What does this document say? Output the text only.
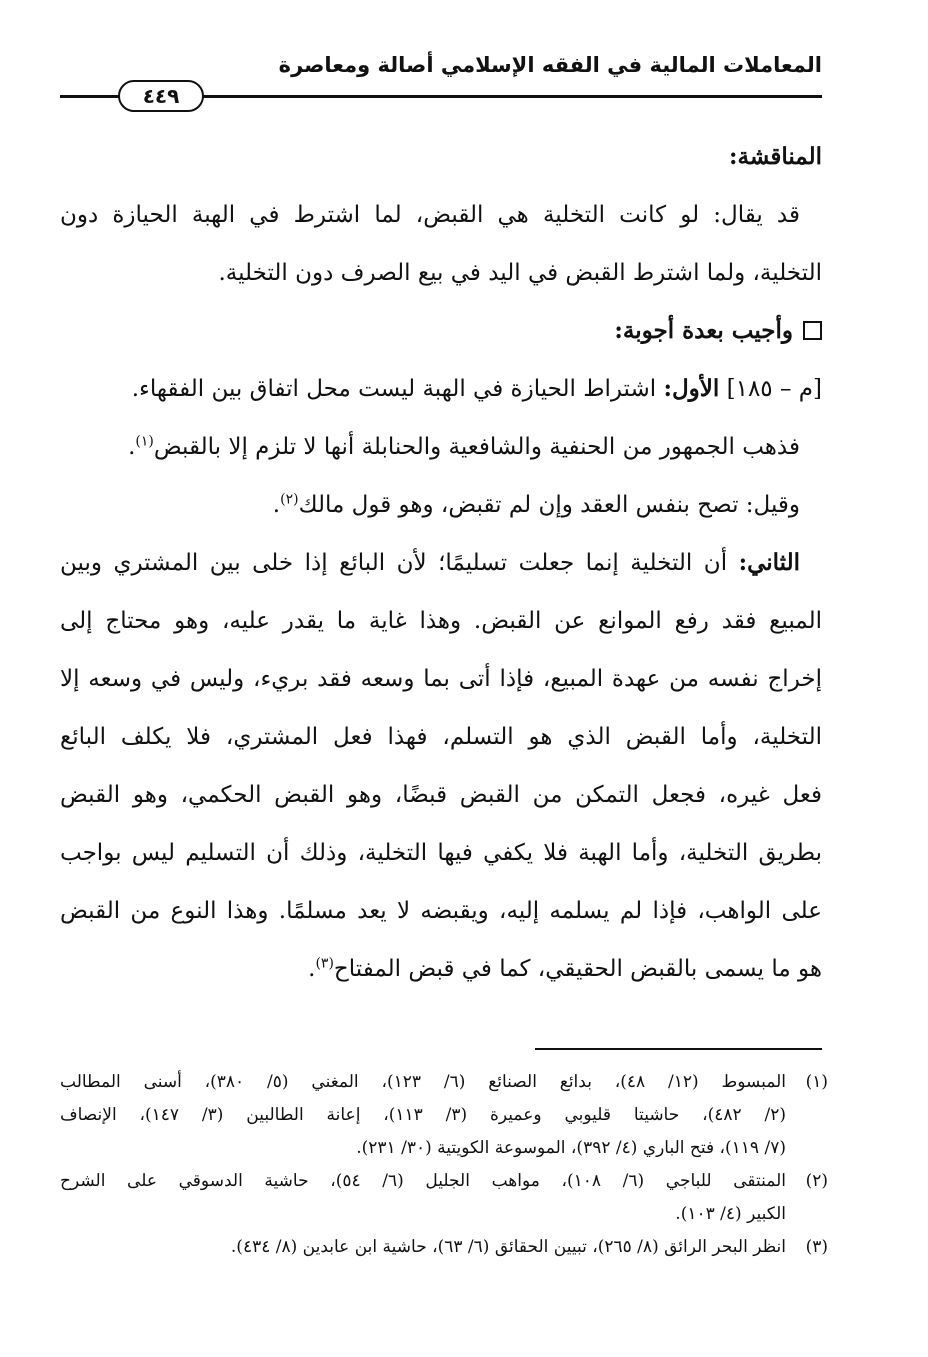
المعاملات المالية في الفقه الإسلامي أصالة ومعاصرة
٤٤٩
المناقشة:
قد يقال: لو كانت التخلية هي القبض، لما اشترط في الهبة الحيازة دون
التخلية، ولما اشترط القبض في اليد في بيع الصرف دون التخلية.
وأجيب بعدة أجوبة:
[م – ١٨٥] الأول: اشتراط الحيازة في الهبة ليست محل اتفاق بين الفقهاء.
فذهب الجمهور من الحنفية والشافعية والحنابلة أنها لا تلزم إلا بالقبض$^{(١)}$.
وقيل: تصح بنفس العقد وإن لم تقبض، وهو قول مالك$^{(٢)}$.
الثاني: أن التخلية إنما جعلت تسليمًا؛ لأن البائع إذا خلى بين المشتري وبين
المبيع فقد رفع الموانع عن القبض. وهذا غاية ما يقدر عليه، وهو محتاج إلى
إخراج نفسه من عهدة المبيع، فإذا أتى بما وسعه فقد بريء، وليس في وسعه إلا
التخلية، وأما القبض الذي هو التسلم، فهذا فعل المشتري، فلا يكلف البائع
فعل غيره، فجعل التمكن من القبض قبضًا، وهو القبض الحكمي، وهو القبض
بطريق التخلية، وأما الهبة فلا يكفي فيها التخلية، وذلك أن التسليم ليس بواجب
على الواهب، فإذا لم يسلمه إليه، ويقبضه لا يعد مسلمًا. وهذا النوع من القبض
هو ما يسمى بالقبض الحقيقي، كما في قبض المفتاح$^{(٣)}$.
(١)
المبسوط (١٢/ ٤٨)، بدائع الصنائع (٦/ ١٢٣)، المغني (٥/ ٣٨٠)، أسنى المطالب
(٢/ ٤٨٢)، حاشيتا قليوبي وعميرة (٣/ ١١٣)، إعانة الطالبين (٣/ ١٤٧)، الإنصاف
(٧/ ١١٩)، فتح الباري (٤/ ٣٩٢)، الموسوعة الكويتية (٣٠/ ٢٣١).
(٢)
المنتقى للباجي (٦/ ١٠٨)، مواهب الجليل (٦/ ٥٤)، حاشية الدسوقي على الشرح
الكبير (٤/ ١٠٣).
(٣)
انظر البحر الرائق (٨/ ٢٦٥)، تبيين الحقائق (٦/ ٦٣)، حاشية ابن عابدين (٨/ ٤٣٤).
